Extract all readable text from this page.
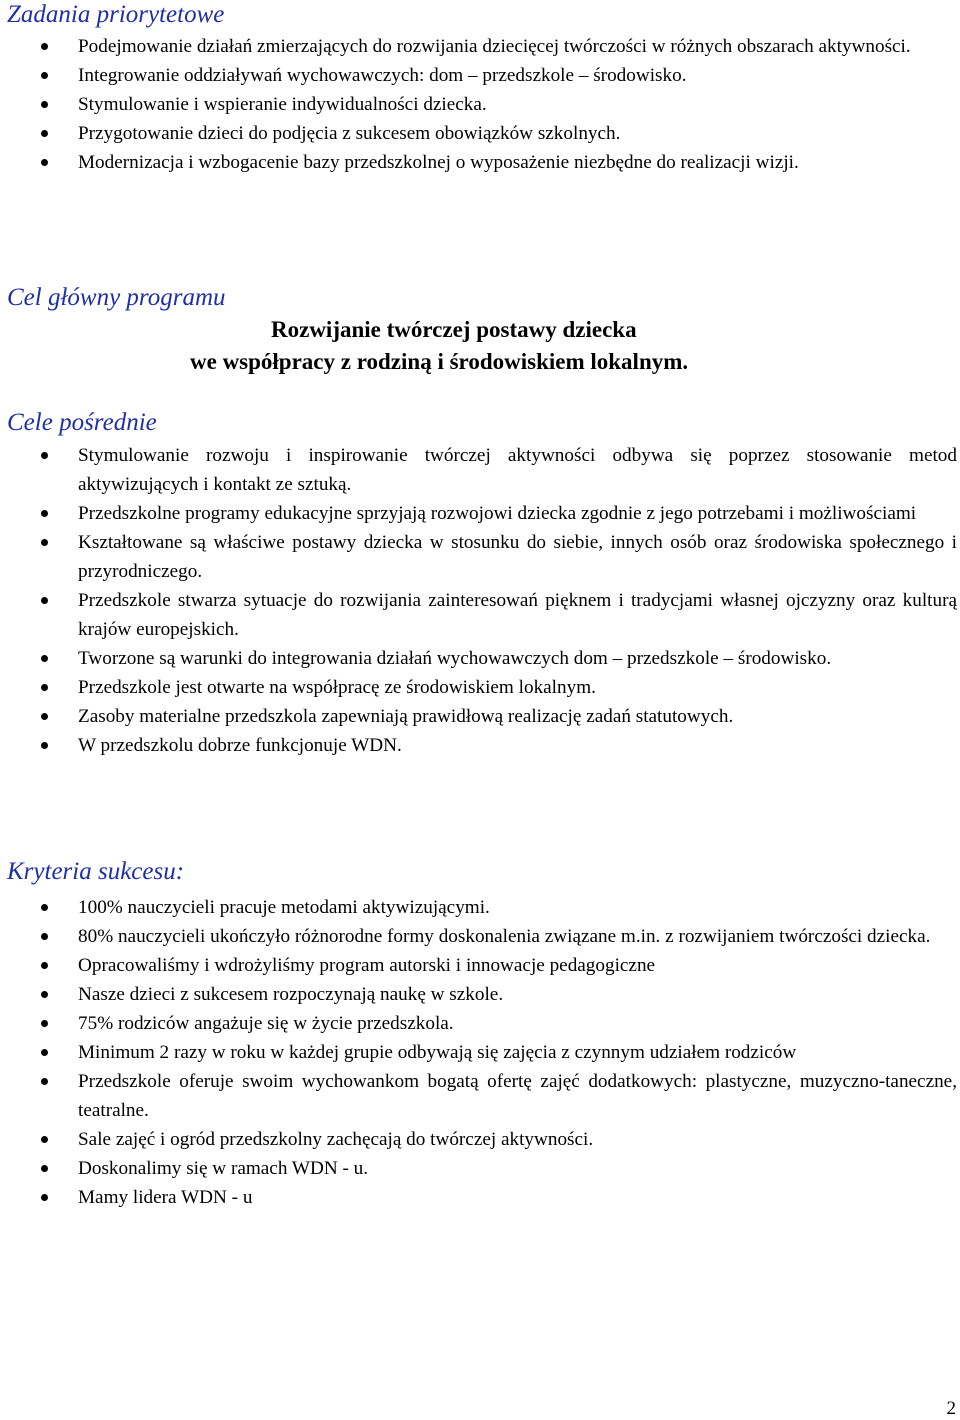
Zadania priorytetowe
Podejmowanie działań zmierzających do rozwijania dziecięcej twórczości w różnych obszarach aktywności.
Integrowanie oddziaływań wychowawczych: dom – przedszkole – środowisko.
Stymulowanie i wspieranie indywidualności dziecka.
Przygotowanie dzieci do podjęcia z sukcesem obowiązków szkolnych.
Modernizacja i wzbogacenie bazy przedszkolnej o wyposażenie niezbędne do realizacji wizji.
Cel główny programu
Rozwijanie twórczej postawy dziecka
we współpracy z rodziną i środowiskiem lokalnym.
Cele pośrednie
Stymulowanie rozwoju i inspirowanie twórczej aktywności odbywa się poprzez stosowanie metod aktywizujących i kontakt ze sztuką.
Przedszkolne programy edukacyjne sprzyjają rozwojowi dziecka zgodnie z jego potrzebami i możliwościami
Kształtowane są właściwe postawy dziecka w stosunku do siebie, innych osób oraz środowiska społecznego i przyrodniczego.
Przedszkole stwarza sytuacje do rozwijania zainteresowań pięknem i tradycjami własnej ojczyzny oraz kulturą krajów europejskich.
Tworzone są warunki do integrowania działań wychowawczych dom – przedszkole – środowisko.
Przedszkole jest otwarte na współpracę ze środowiskiem lokalnym.
Zasoby materialne przedszkola zapewniają prawidłową realizację zadań statutowych.
W przedszkolu dobrze funkcjonuje WDN.
Kryteria sukcesu:
100% nauczycieli pracuje metodami aktywizującymi.
80% nauczycieli ukończyło różnorodne formy doskonalenia związane m.in. z rozwijaniem twórczości dziecka.
Opracowaliśmy i wdrożyliśmy program autorski i innowacje pedagogiczne
Nasze dzieci z sukcesem rozpoczynają naukę w szkole.
75% rodziców angażuje się w życie przedszkola.
Minimum 2 razy w roku w każdej grupie odbywają się zajęcia z czynnym udziałem rodziców
Przedszkole oferuje swoim wychowankom bogatą ofertę zajęć dodatkowych: plastyczne, muzyczno-taneczne, teatralne.
Sale zajęć i ogród przedszkolny zachęcają do twórczej aktywności.
Doskonalimy się w ramach WDN - u.
Mamy lidera WDN - u
2
